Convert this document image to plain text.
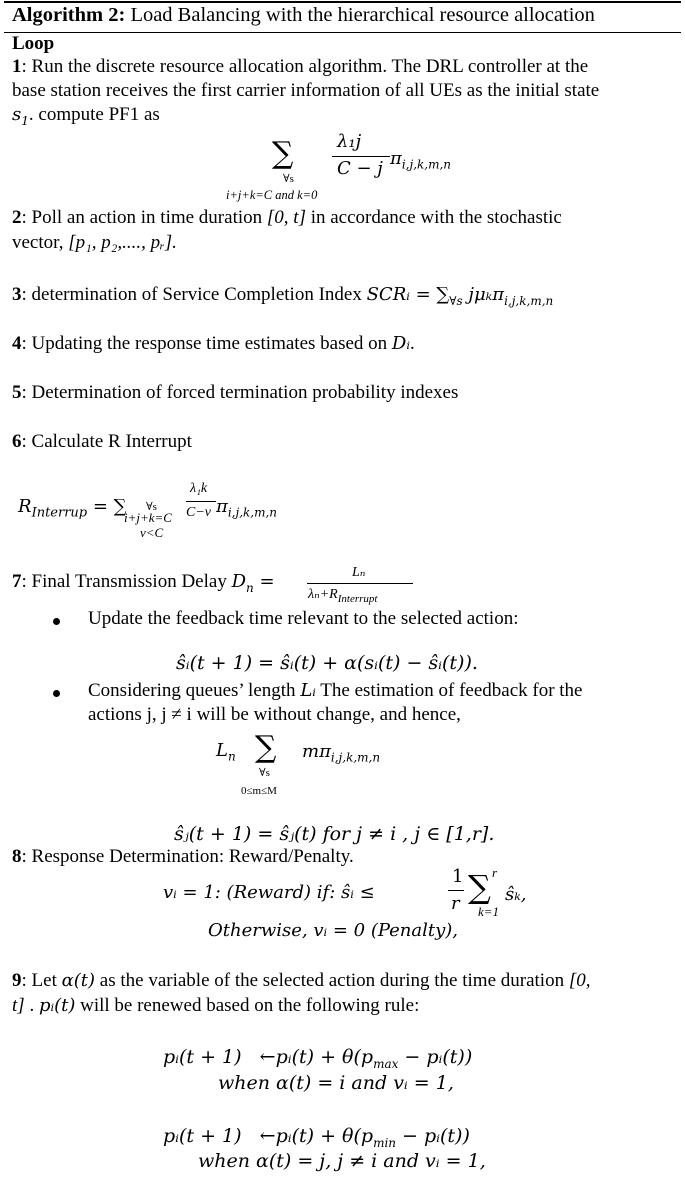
Algorithm 2: Load Balancing with the hierarchical resource allocation
Loop
1: Run the discrete resource allocation algorithm. The DRL controller at the
base station receives the first carrier information of all UEs as the initial state
$s_1$. compute PF1 as
∑
∀s
λ₁j
C − j $\pi_{i,j,k,m,n}$
i+j+k=C and k=0
2: Poll an action in time duration [0, t] in accordance with the stochastic
vector, [p₁, p₂,...., pᵣ].
3: determination of Service Completion Index SCRᵢ = $\sum_{\forall s}$ jμₖπ$_{i,j,k,m,n}$
4: Updating the response time estimates based on Dᵢ.
5: Determination of forced termination probability indexes
6: Calculate R Interrupt
$R_{Interrup}$ = ∑ ∀s
i+j+k=C
v<C
λ₁k
C−v $\pi_{i,j,k,m,n}$
7: Final Transmission Delay $D_n$ =	Lₙ
$\lambda_n+R_{Interrupt}$
Update the feedback time relevant to the selected action:
ŝᵢ(t + 1) = ŝᵢ(t) + α(sᵢ(t) − ŝᵢ(t)).
Considering queues’ length Lᵢ The estimation of feedback for the
actions j, j ≠ i will be without change, and hence,
$L_n$ ∑
∀s
0≤m≤M
$m\pi_{i,j,k,m,n}$
ŝⱼ(t + 1) = ŝⱼ(t) for j ≠ i , j ∈ [1,r].
8: Response Determination: Reward/Penalty.
vᵢ = 1: (Reward) if: ŝᵢ ≤
1
r ∑ r
k=1
ŝₖ,
Otherwise, vᵢ = 0 (Penalty),
9: Let α(t) as the variable of the selected action during the time duration [0,
t] . pᵢ(t) will be renewed based on the following rule:
pᵢ(t + 1) ←pᵢ(t) + $\theta(p_{max}$ − pᵢ(t))
when α(t) = i and vᵢ = 1,
pᵢ(t + 1) ←pᵢ(t) + $\theta(p_{min}$ − pᵢ(t))
when α(t) = j, j ≠ i and vᵢ = 1,
